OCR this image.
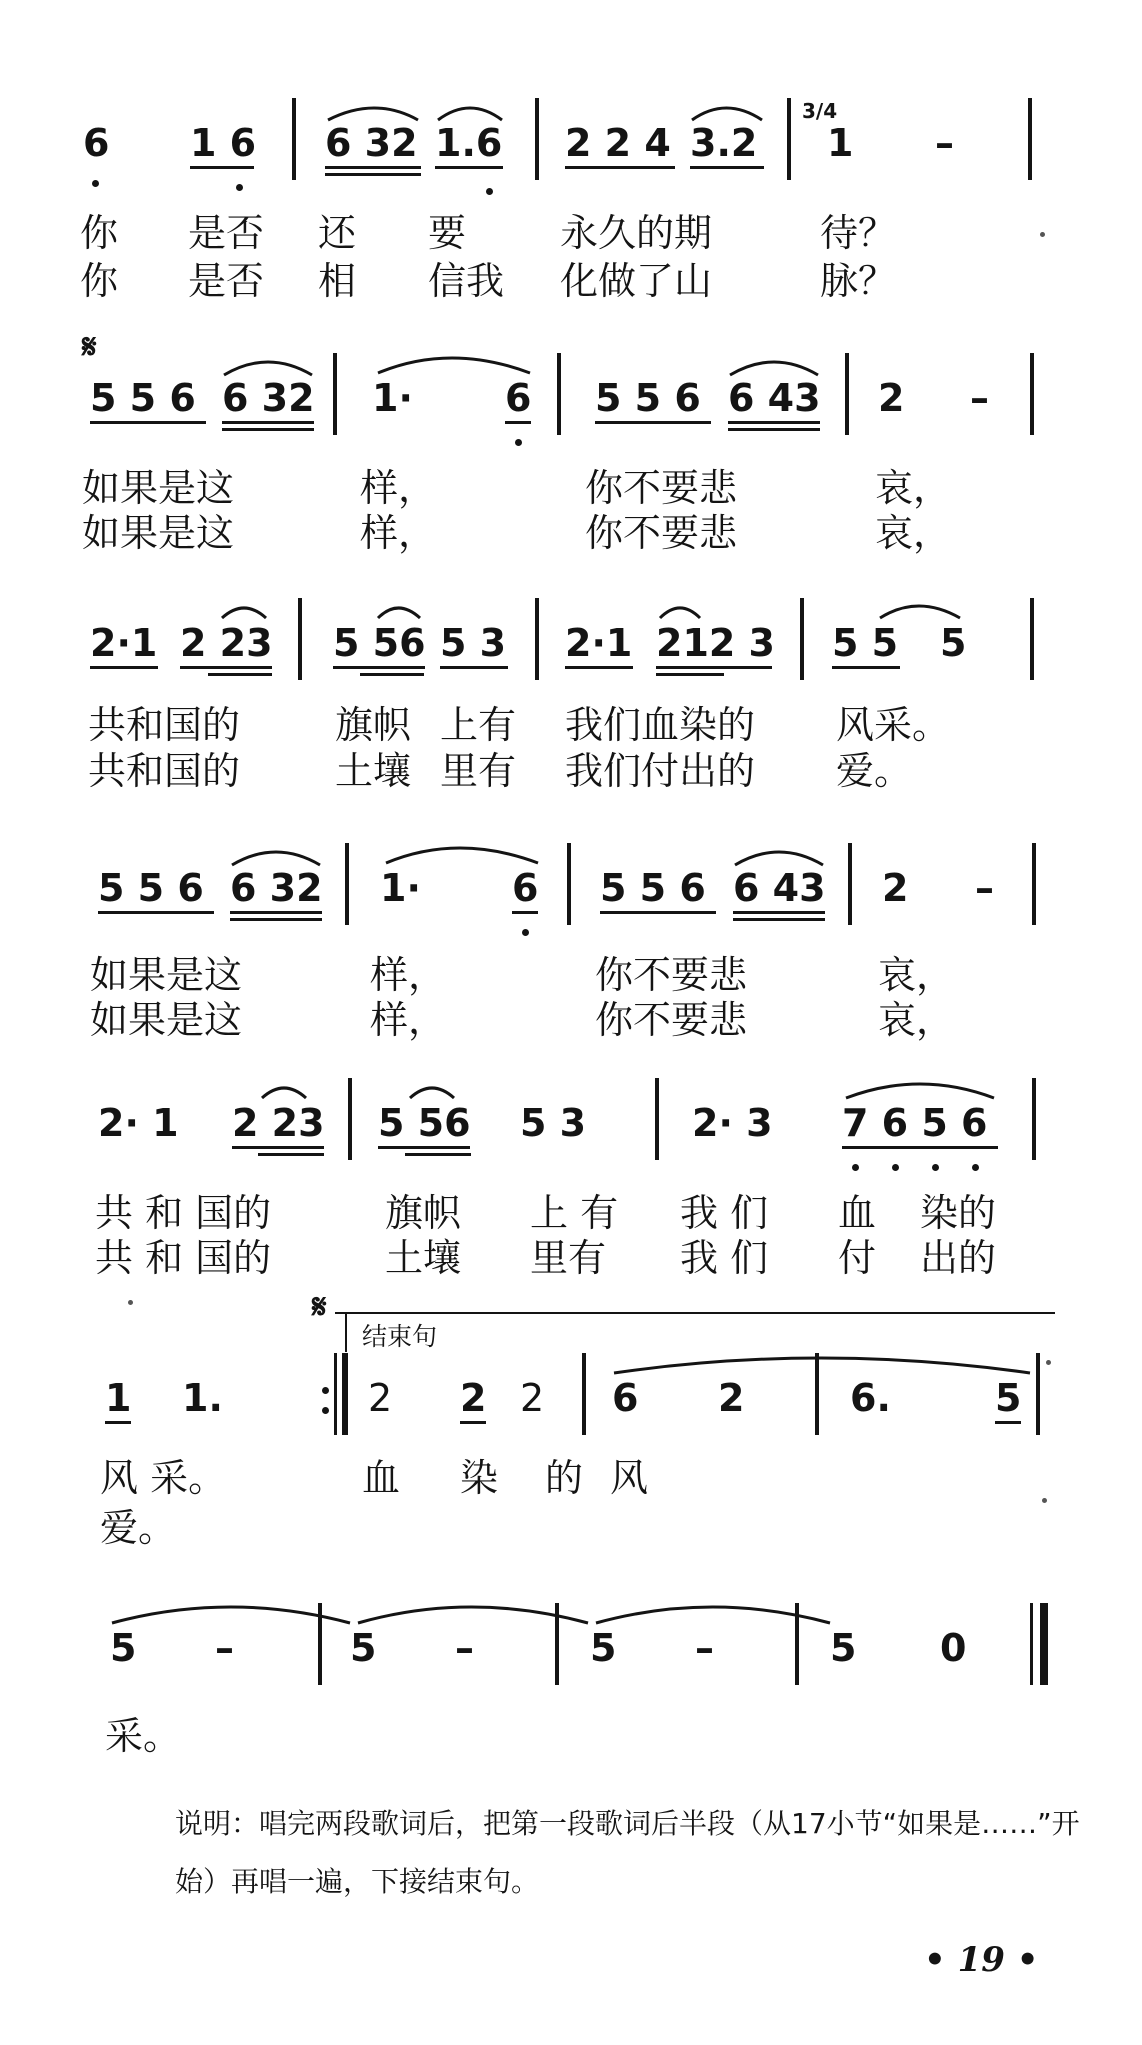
6 1 6 6 32 1.6 2 2 4 3.2
3/4
1 –
你 是否 还 要 永久的期	待？
你 是否 相 信我 化做了山	脉？
𝄋
5 5 6 6 32 1· 6 5 5 6 6 43 2 –
如果是这	样，	你不要悲	哀，
如果是这	样，	你不要悲	哀，
2·1 2 23 5 56 5 3 2·1 212 3 5 5 5
共和国的 旗帜 上有 我们血染的 风采。
共和国的 土壤 里有 我们付出的 爱。
5 5 6 6 32 1· 6 5 5 6 6 43 2 –
如果是这	样，	你不要悲	哀，
如果是这	样，	你不要悲	哀，
2· 1 2 23 5 56 5 3	2· 3 7 6 5 6
共 和 国的	旗帜 上 有 我 们 血 染的
共 和 国的	土壤 里有 我 们 付 出的
𝄋
结束句
1 1.	2 2 2 6 2	6.	5
风 采。	血 染 的 风
爱。
5 –	5 –	5 –	5 0
采。
说明：唱完两段歌词后，把第一段歌词后半段（从17小节“如果是……”开始）再唱一遍，下接结束句。
• 19 •
